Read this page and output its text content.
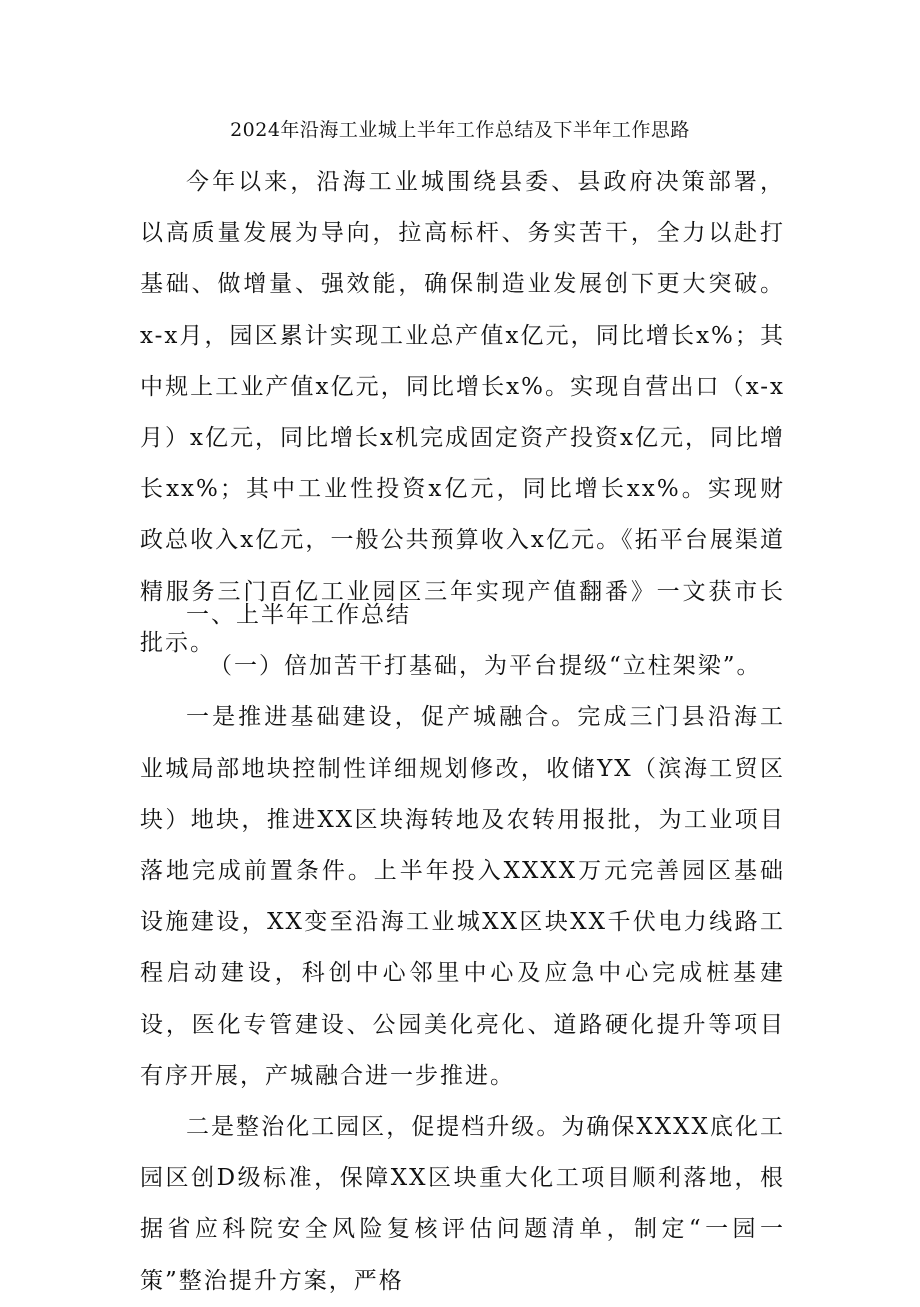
2024年沿海工业城上半年工作总结及下半年工作思路

今年以来，沿海工业城围绕县委、县政府决策部署，以高质量发展为导向，拉高标杆、务实苦干，全力以赴打基础、做增量、强效能，确保制造业发展创下更大突破。x-x月，园区累计实现工业总产值x亿元，同比增长x%；其中规上工业产值x亿元，同比增长x%。实现自营出口（x-x月）x亿元，同比增长x机完成固定资产投资x亿元，同比增长xx%；其中工业性投资x亿元，同比增长xx%。实现财政总收入x亿元，一般公共预算收入x亿元。《拓平台展渠道精服务三门百亿工业园区三年实现产值翻番》一文获市长批示。

一、上半年工作总结

（一）倍加苦干打基础，为平台提级“立柱架梁”。

一是推进基础建设，促产城融合。完成三门县沿海工业城局部地块控制性详细规划修改，收储YX（滨海工贸区块）地块，推进XX区块海转地及农转用报批，为工业项目落地完成前置条件。上半年投入XXXX万元完善园区基础设施建设，XX变至沿海工业城XX区块XX千伏电力线路工程启动建设，科创中心邻里中心及应急中心完成桩基建设，医化专管建设、公园美化亮化、道路硬化提升等项目有序开展，产城融合进一步推进。

二是整治化工园区，促提档升级。为确保XXXX底化工园区创D级标准，保障XX区块重大化工项目顺利落地，根据省应科院安全风险复核评估问题清单，制定“一园一策”整治提升方案，严格
